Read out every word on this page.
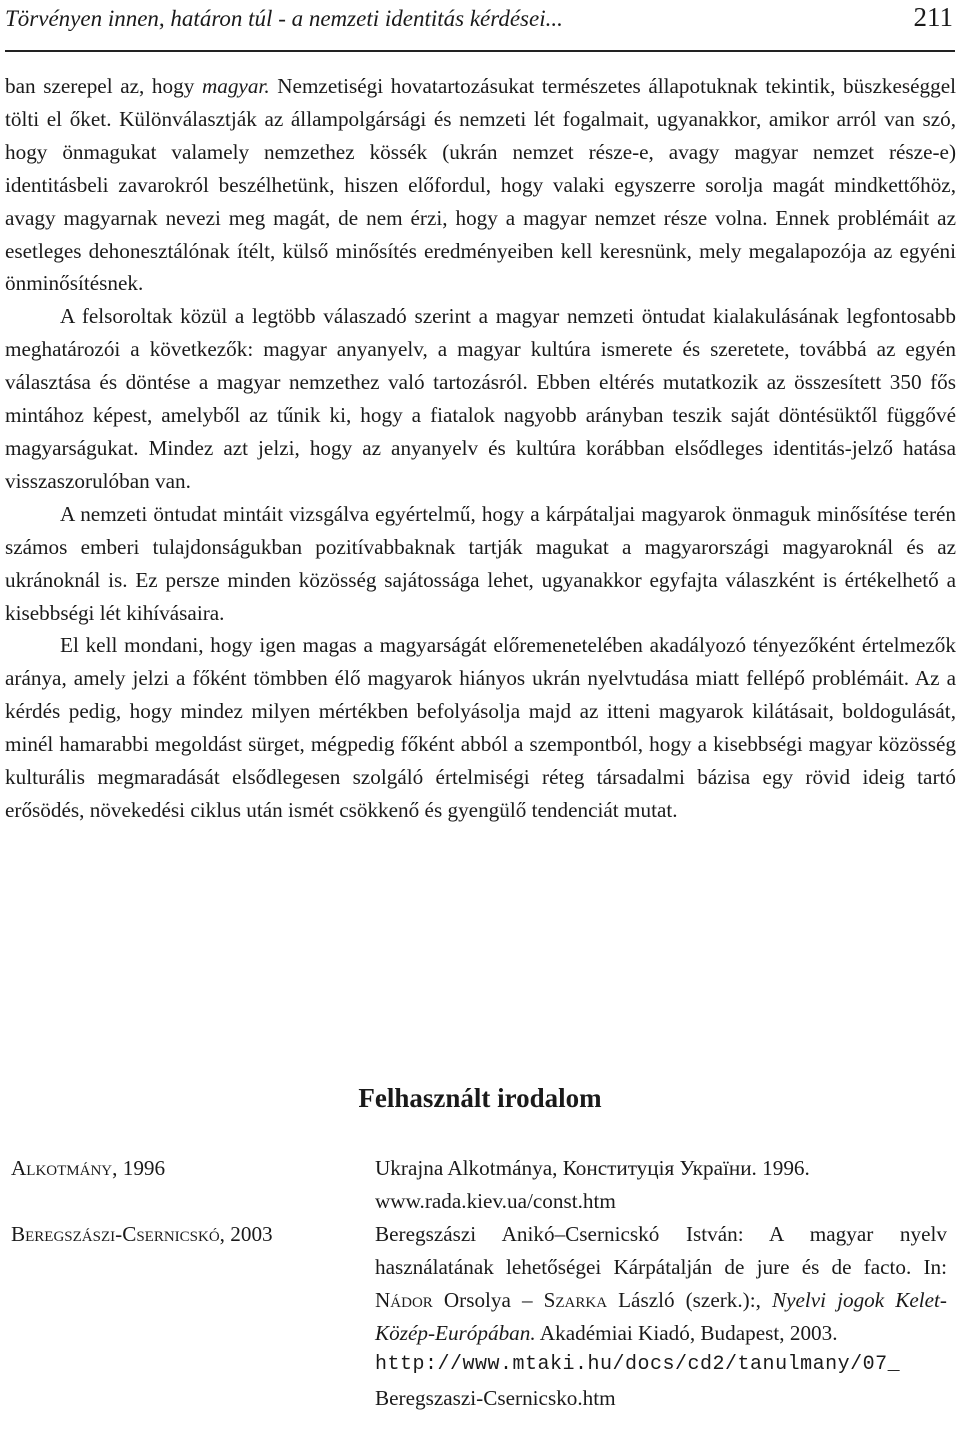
Törvényen innen, határon túl - a nemzeti identitás kérdései...	211

ban szerepel az, hogy magyar. Nemzetiségi hovatartozásukat természetes állapotuknak tekintik, büszkeséggel tölti el őket. Különválasztják az állampolgársági és nemzeti lét fogalmait, ugyanakkor, amikor arról van szó, hogy önmagukat valamely nemzethez kössék (ukrán nemzet része-e, avagy magyar nemzet része-e) identitásbeli zavarokról beszélhetünk, hiszen előfordul, hogy valaki egyszerre sorolja magát mindkettőhöz, avagy magyarnak nevezi meg magát, de nem érzi, hogy a magyar nemzet része volna. Ennek problémáit az esetleges dehonesztálónak ítélt, külső minősítés eredményeiben kell keresnünk, mely megalapozója az egyéni önminősítésnek.

A felsoroltak közül a legtöbb válaszadó szerint a magyar nemzeti öntudat kialakulásának legfontosabb meghatározói a következők: magyar anyanyelv, a magyar kultúra ismerete és szeretete, továbbá az egyén választása és döntése a magyar nemzethez való tartozásról. Ebben eltérés mutatkozik az összesített 350 fős mintához képest, amelyből az tűnik ki, hogy a fiatalok nagyobb arányban teszik saját döntésüktől függővé magyarságukat. Mindez azt jelzi, hogy az anyanyelv és kultúra korábban elsődleges identitás-jelző hatása visszaszorulóban van.

A nemzeti öntudat mintáit vizsgálva egyértelmű, hogy a kárpátaljai magyarok önmaguk minősítése terén számos emberi tulajdonságukban pozitívabbaknak tartják magukat a magyarországi magyaroknál és az ukránoknál is. Ez persze minden közösség sajátossága lehet, ugyanakkor egyfajta válaszként is értékelhető a kisebbségi lét kihívásaira.

El kell mondani, hogy igen magas a magyarságát előremenetelében akadályozó tényezőként értelmezők aránya, amely jelzi a főként tömbben élő magyarok hiányos ukrán nyelvtudása miatt fellépő problémáit. Az a kérdés pedig, hogy mindez milyen mértékben befolyásolja majd az itteni magyarok kilátásait, boldogulását, minél hamarabbi megoldást sürget, mégpedig főként abból a szempontból, hogy a kisebbségi magyar közösség kulturális megmaradását elsődlegesen szolgáló értelmiségi réteg társadalmi bázisa egy rövid ideig tartó erősödés, növekedési ciklus után ismét csökkenő és gyengülő tendenciát mutat.

Felhasznált irodalom
Alkotmány, 1996	Ukrajna Alkotmánya, Конституція України. 1996.
www.rada.kiev.ua/const.htm
Beregszászi-Csernicskó, 2003	Beregszászi Anikó–Csernicskó István: A magyar nyelv használatának lehetőségei Kárpátalján de jure és de facto. In: Nádor Orsolya – Szarka László (szerk.):, Nyelvi jogok Kelet-Közép-Európában. Akadémiai Kiadó, Budapest, 2003.
http://www.mtaki.hu/docs/cd2/tanulmany/07_
Beregszaszi-Csernicsko.htm
